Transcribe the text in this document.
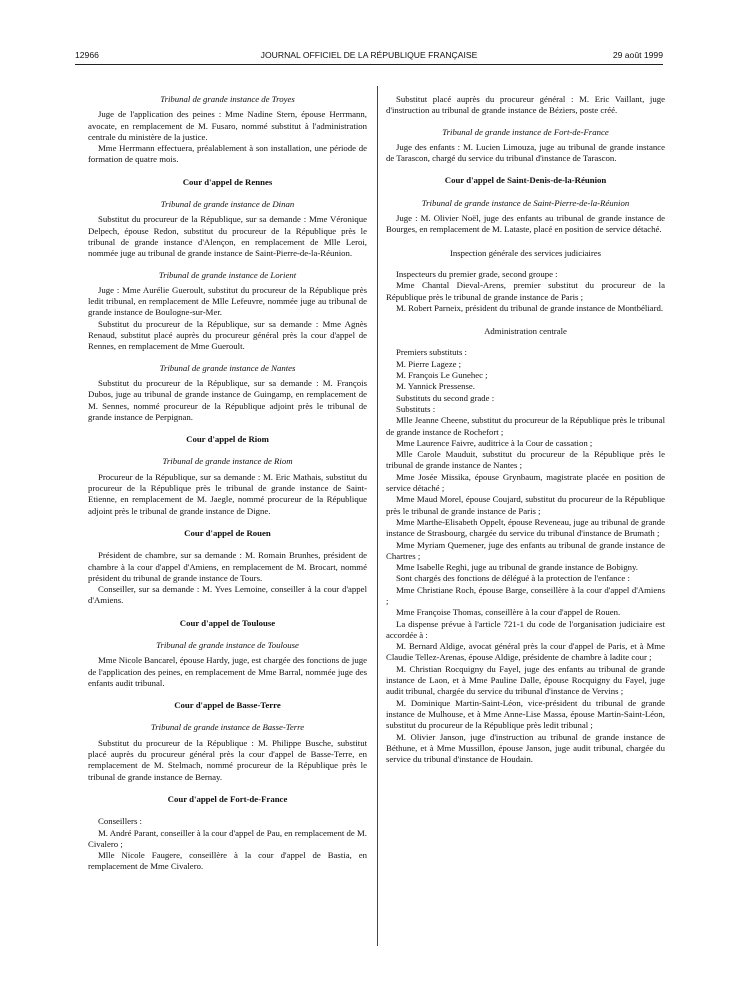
12966	JOURNAL OFFICIEL DE LA RÉPUBLIQUE FRANÇAISE	29 août 1999

Tribunal de grande instance de Troyes

Juge de l'application des peines : Mme Nadine Stern, épouse Herrmann, avocate, en remplacement de M. Fusaro, nommé substitut à l'administration centrale du ministère de la justice.

Mme Herrmann effectuera, préalablement à son installation, une période de formation de quatre mois.

Cour d'appel de Rennes

Tribunal de grande instance de Dinan

Substitut du procureur de la République, sur sa demande : Mme Véronique Delpech, épouse Redon, substitut du procureur de la République près le tribunal de grande instance d'Alençon, en remplacement de Mlle Leroi, nommée juge au tribunal de grande instance de Saint-Pierre-de-la-Réunion.

Tribunal de grande instance de Lorient

Juge : Mme Aurélie Gueroult, substitut du procureur de la République près ledit tribunal, en remplacement de Mlle Lefeuvre, nommée juge au tribunal de grande instance de Boulogne-sur-Mer.

Substitut du procureur de la République, sur sa demande : Mme Agnès Renaud, substitut placé auprès du procureur général près la cour d'appel de Rennes, en remplacement de Mme Gueroult.

Tribunal de grande instance de Nantes

Substitut du procureur de la République, sur sa demande : M. François Dubos, juge au tribunal de grande instance de Guingamp, en remplacement de M. Sennes, nommé procureur de la République adjoint près le tribunal de grande instance de Perpignan.

Cour d'appel de Riom

Tribunal de grande instance de Riom

Procureur de la République, sur sa demande : M. Eric Mathais, substitut du procureur de la République près le tribunal de grande instance de Saint-Etienne, en remplacement de M. Jaegle, nommé procureur de la République adjoint près le tribunal de grande instance de Digne.

Cour d'appel de Rouen

Président de chambre, sur sa demande : M. Romain Brunhes, président de chambre à la cour d'appel d'Amiens, en remplacement de M. Brocart, nommé président du tribunal de grande instance de Tours.

Conseiller, sur sa demande : M. Yves Lemoine, conseiller à la cour d'appel d'Amiens.

Cour d'appel de Toulouse

Tribunal de grande instance de Toulouse

Mme Nicole Bancarel, épouse Hardy, juge, est chargée des fonctions de juge de l'application des peines, en remplacement de Mme Barral, nommée juge des enfants audit tribunal.

Cour d'appel de Basse-Terre

Tribunal de grande instance de Basse-Terre

Substitut du procureur de la République : M. Philippe Busche, substitut placé auprès du procureur général près la cour d'appel de Basse-Terre, en remplacement de M. Stelmach, nommé procureur de la République près le tribunal de grande instance de Bernay.

Cour d'appel de Fort-de-France

Conseillers :

M. André Parant, conseiller à la cour d'appel de Pau, en remplacement de M. Civalero ;

Mlle Nicole Faugere, conseillère à la cour d'appel de Bastia, en remplacement de Mme Civalero.

Substitut placé auprès du procureur général : M. Eric Vaillant, juge d'instruction au tribunal de grande instance de Béziers, poste créé.

Tribunal de grande instance de Fort-de-France

Juge des enfants : M. Lucien Limouza, juge au tribunal de grande instance de Tarascon, chargé du service du tribunal d'instance de Tarascon.

Cour d'appel de Saint-Denis-de-la-Réunion

Tribunal de grande instance de Saint-Pierre-de-la-Réunion

Juge : M. Olivier Noël, juge des enfants au tribunal de grande instance de Bourges, en remplacement de M. Lataste, placé en position de service détaché.

Inspection générale des services judiciaires

Inspecteurs du premier grade, second groupe :

Mme Chantal Dieval-Arens, premier substitut du procureur de la République près le tribunal de grande instance de Paris ;

M. Robert Parneix, président du tribunal de grande instance de Montbéliard.

Administration centrale

Premiers substituts :

M. Pierre Lageze ;

M. François Le Gunehec ;

M. Yannick Pressense.

Substituts du second grade :

Substituts :

Mlle Jeanne Cheene, substitut du procureur de la République près le tribunal de grande instance de Rochefort ;

Mme Laurence Faivre, auditrice à la Cour de cassation ;

Mlle Carole Mauduit, substitut du procureur de la République près le tribunal de grande instance de Nantes ;

Mme Josée Missika, épouse Grynbaum, magistrate placée en position de service détaché ;

Mme Maud Morel, épouse Coujard, substitut du procureur de la République près le tribunal de grande instance de Paris ;

Mme Marthe-Elisabeth Oppelt, épouse Reveneau, juge au tribunal de grande instance de Strasbourg, chargée du service du tribunal d'instance de Brumath ;

Mme Myriam Quemener, juge des enfants au tribunal de grande instance de Chartres ;

Mme Isabelle Reghi, juge au tribunal de grande instance de Bobigny.

Sont chargés des fonctions de délégué à la protection de l'enfance :

Mme Christiane Roch, épouse Barge, conseillère à la cour d'appel d'Amiens ;

Mme Françoise Thomas, conseillère à la cour d'appel de Rouen.

La dispense prévue à l'article 721-1 du code de l'organisation judiciaire est accordée à :

M. Bernard Aldige, avocat général près la cour d'appel de Paris, et à Mme Claudie Tellez-Arenas, épouse Aldige, présidente de chambre à ladite cour ;

M. Christian Rocquigny du Fayel, juge des enfants au tribunal de grande instance de Laon, et à Mme Pauline Dalle, épouse Rocquigny du Fayel, juge audit tribunal, chargée du service du tribunal d'instance de Vervins ;

M. Dominique Martin-Saint-Léon, vice-président du tribunal de grande instance de Mulhouse, et à Mme Anne-Lise Massa, épouse Martin-Saint-Léon, substitut du procureur de la République près ledit tribunal ;

M. Olivier Janson, juge d'instruction au tribunal de grande instance de Béthune, et à Mme Mussillon, épouse Janson, juge audit tribunal, chargée du service du tribunal d'instance de Houdain.
